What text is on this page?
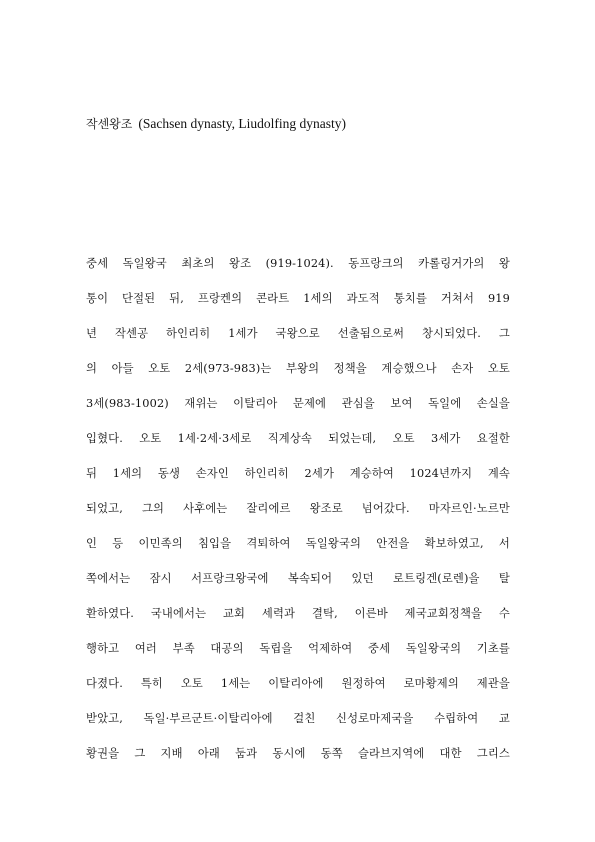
작센왕조 (Sachsen dynasty, Liudolfing dynasty)
중세 독일왕국 최초의 왕조 (919-1024). 동프랑크의 카롤링거가의 왕
통이 단절된 뒤, 프랑켄의 콘라트 1세의 과도적 통치를 거쳐서 919
년 작센공 하인리히 1세가 국왕으로 선출됨으로써 창시되었다. 그
의 아들 오토 2세(973-983)는 부왕의 정책을 계승했으나 손자 오토
3세(983-1002) 재위는 이탈리아 문제에 관심을 보여 독일에 손실을
입혔다. 오토 1세·2세·3세로 직계상속 되었는데, 오토 3세가 요절한
뒤 1세의 동생 손자인 하인리히 2세가 계승하여 1024년까지 계속
되었고, 그의 사후에는 잘리에르 왕조로 넘어갔다. 마자르인·노르만
인 등 이민족의 침입을 격퇴하여 독일왕국의 안전을 확보하였고, 서
쪽에서는 잠시 서프랑크왕국에 복속되어 있던 로트링겐(로렌)을 탈
환하였다. 국내에서는 교회 세력과 결탁, 이른바 제국교회정책을 수
행하고 여러 부족 대공의 독립을 억제하여 중세 독일왕국의 기초를
다졌다. 특히 오토 1세는 이탈리아에 원정하여 로마황제의 제관을
받았고, 독일·부르군트·이탈리아에 걸친 신성로마제국을 수립하여 교
황권을 그 지배 아래 둠과 동시에 동쪽 슬라브지역에 대한 그리스
